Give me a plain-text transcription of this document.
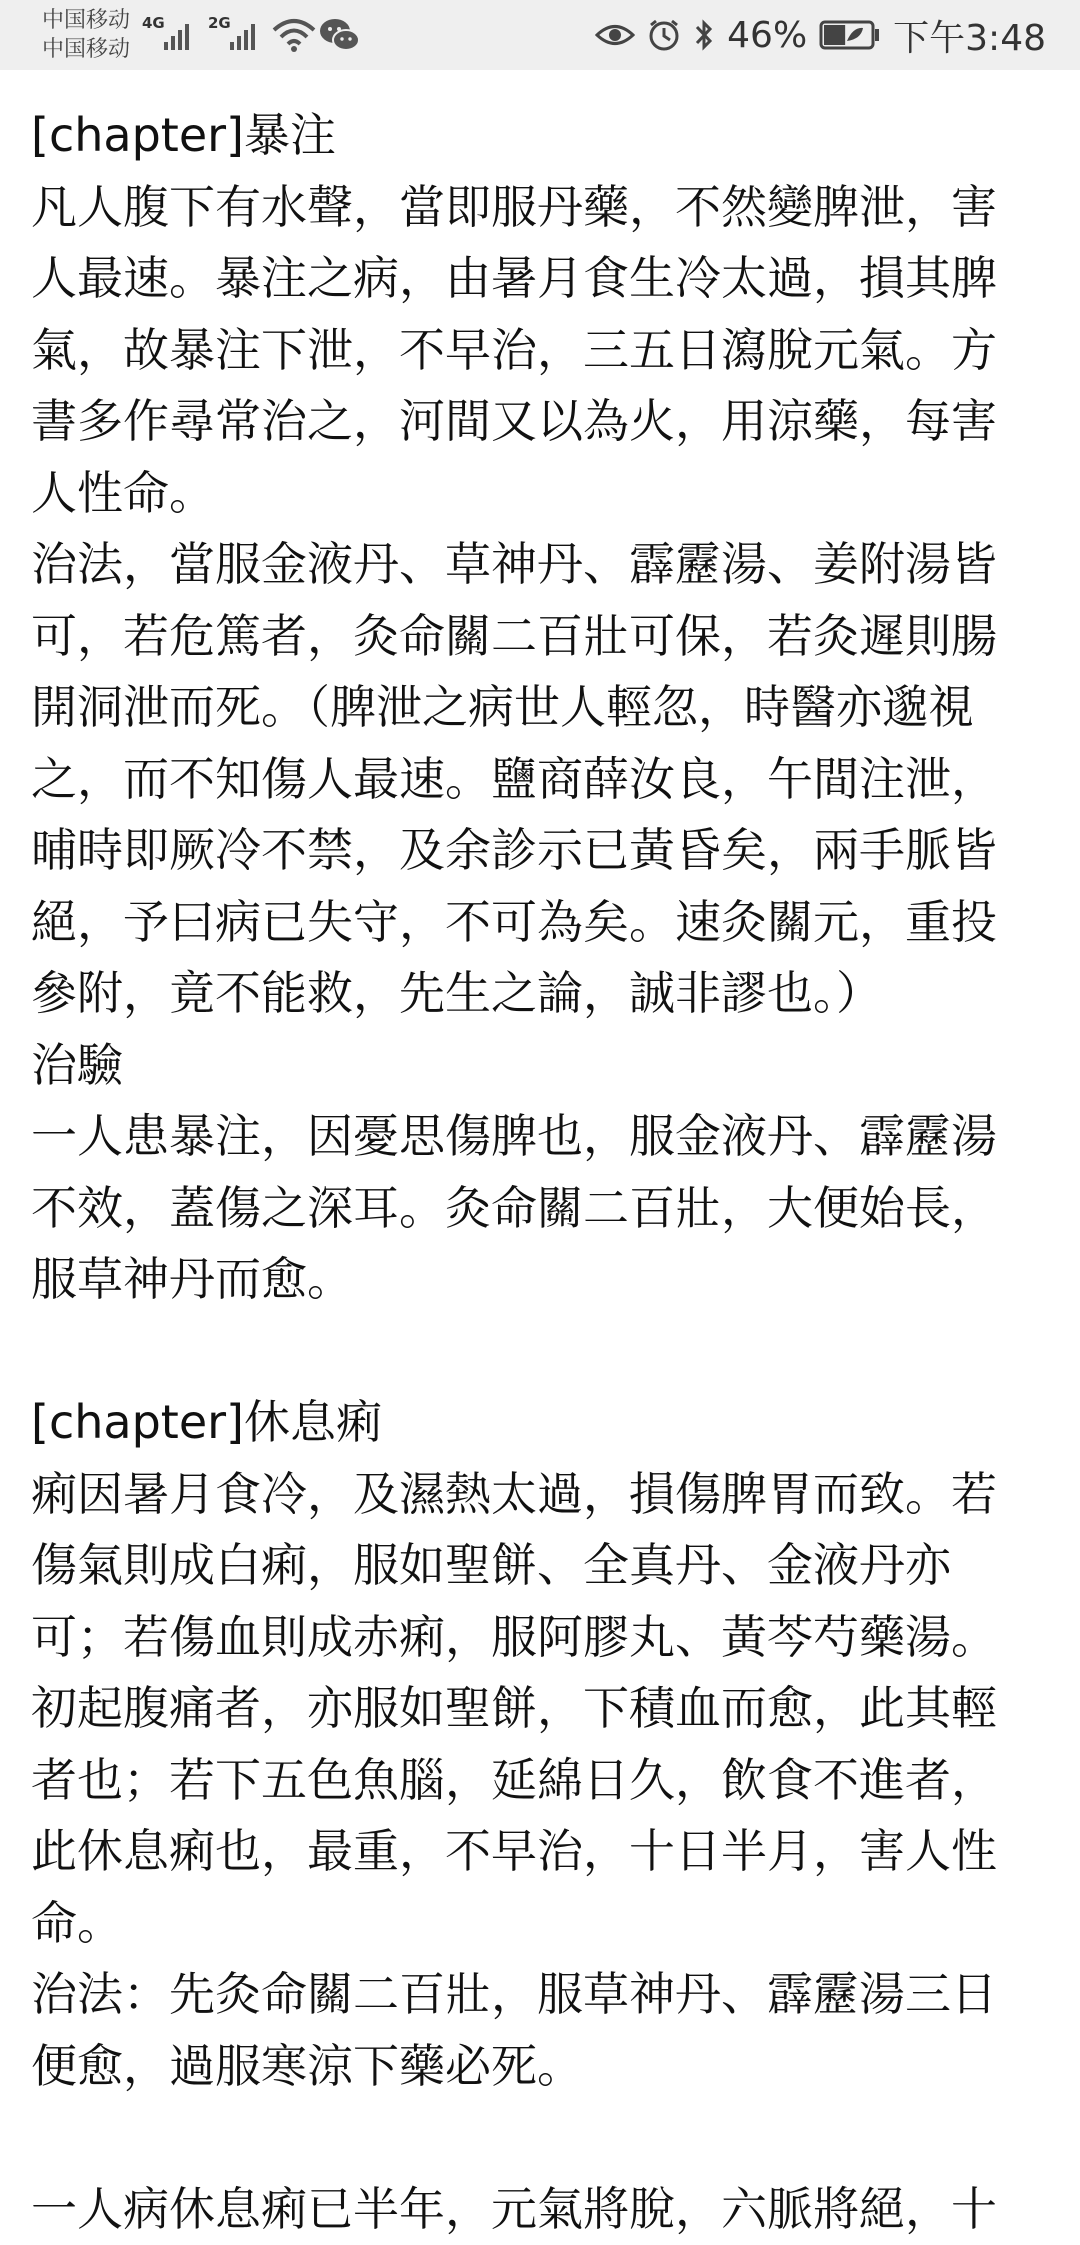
中国移动
中国移动
4G	2G	46% 下午3:48
[chapter]暴注
凡人腹下有水聲，當即服丹藥，不然變脾泄，害
人最速。暴注之病，由暑月食生冷太過，損其脾
氣，故暴注下泄，不早治，三五日瀉脫元氣。方
書多作尋常治之，河間又以為火，用涼藥，每害
人性命。
治法，當服金液丹、草神丹、霹靂湯、姜附湯皆
可，若危篤者，灸命關二百壯可保，若灸遲則腸
開洞泄而死。（脾泄之病世人輕忽，時醫亦邈視
之，而不知傷人最速。鹽商薛汝良，午間注泄，
晡時即厥冷不禁，及余診示已黃昏矣，兩手脈皆
絕，予曰病已失守，不可為矣。速灸關元，重投
參附，竟不能救，先生之論，誠非謬也。）
治驗
一人患暴注，因憂思傷脾也，服金液丹、霹靂湯
不效，蓋傷之深耳。灸命關二百壯，大便始長，
服草神丹而愈。
[chapter]休息痢
痢因暑月食冷，及濕熱太過，損傷脾胃而致。若
傷氣則成白痢，服如聖餅、全真丹、金液丹亦
可；若傷血則成赤痢，服阿膠丸、黃芩芍藥湯。
初起腹痛者，亦服如聖餅，下積血而愈，此其輕
者也；若下五色魚腦，延綿日久，飲食不進者，
此休息痢也，最重，不早治，十日半月，害人性
命。
治法：先灸命關二百壯，服草神丹、霹靂湯三日
便愈，過服寒涼下藥必死。
一人病休息痢已半年，元氣將脫，六脈將絕，十
